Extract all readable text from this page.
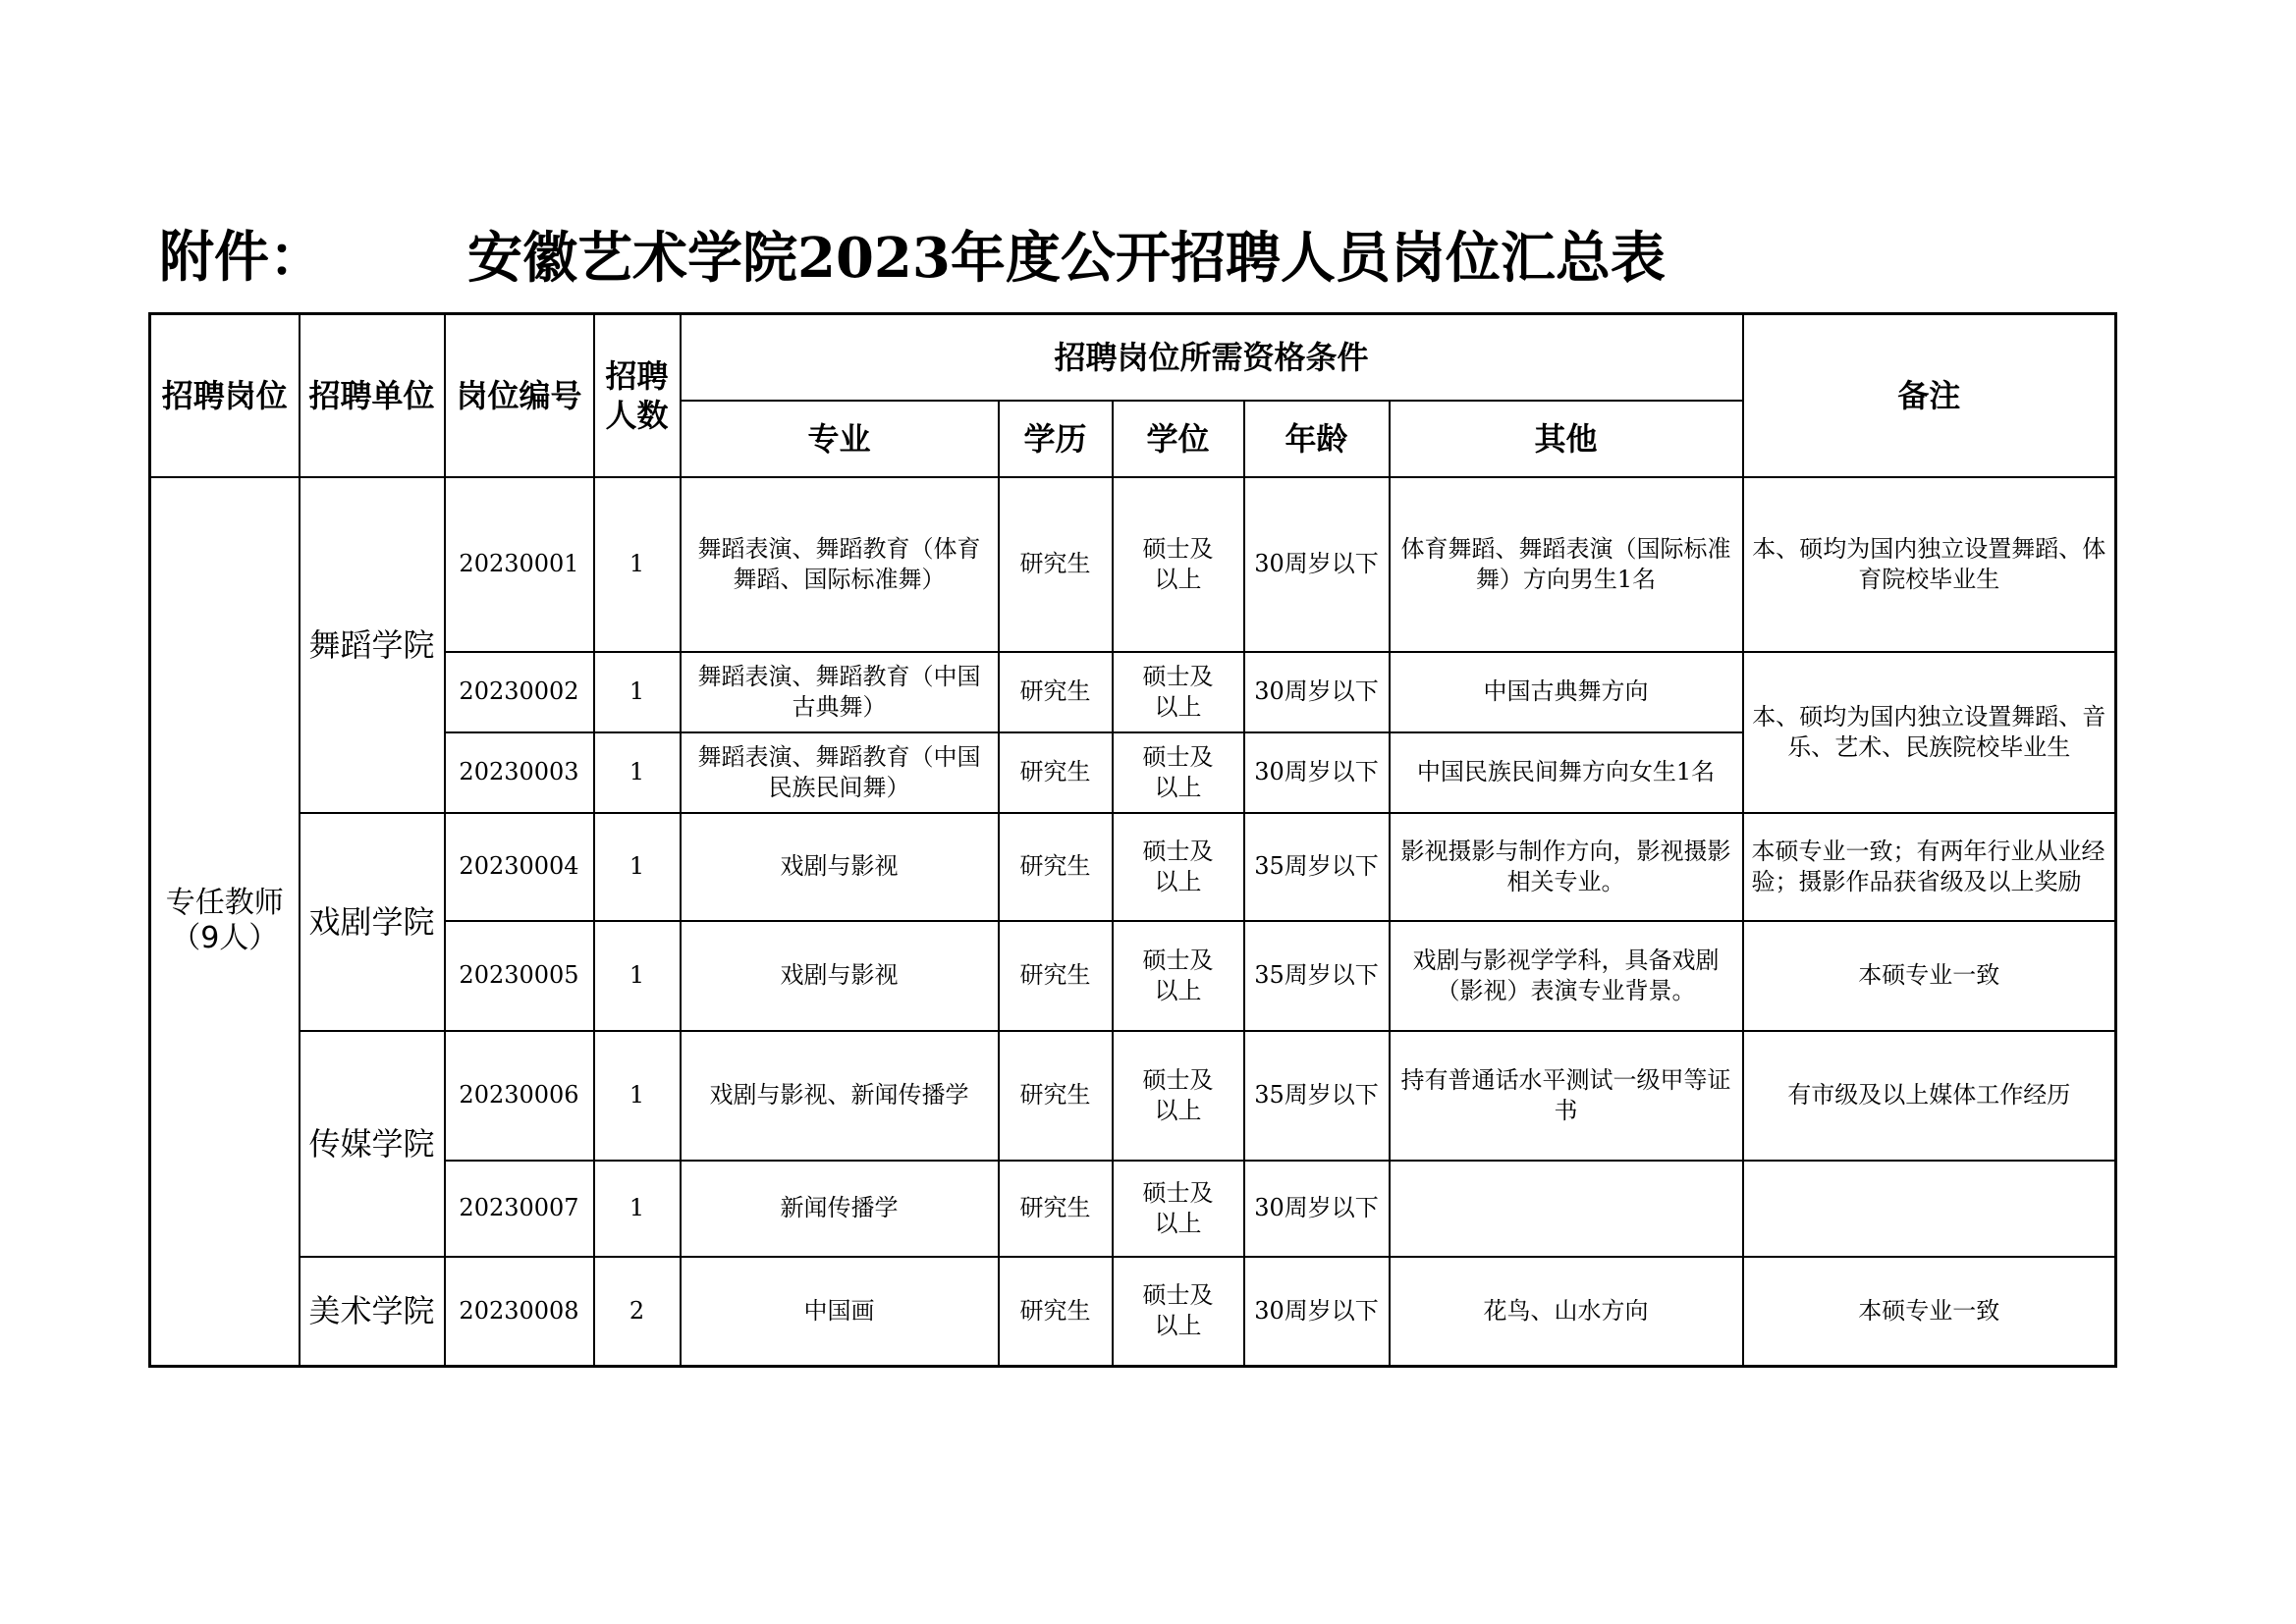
附件：	安徽艺术学院2023年度公开招聘人员岗位汇总表
招聘岗位	招聘单位	岗位编号	招聘人数	招聘岗位所需资格条件					备注
				专业	学历	学位	年龄	其他	
专任教师（9人）	舞蹈学院	20230001	1	舞蹈表演、舞蹈教育（体育舞蹈、国际标准舞）	研究生	硕士及以上	30周岁以下	体育舞蹈、舞蹈表演（国际标准舞）方向男生1名	本、硕均为国内独立设置舞蹈、体育院校毕业生
		20230002	1	舞蹈表演、舞蹈教育（中国古典舞）	研究生	硕士及以上	30周岁以下	中国古典舞方向	本、硕均为国内独立设置舞蹈、音乐、艺术、民族院校毕业生
		20230003	1	舞蹈表演、舞蹈教育（中国民族民间舞）	研究生	硕士及以上	30周岁以下	中国民族民间舞方向女生1名	
	戏剧学院	20230004	1	戏剧与影视	研究生	硕士及以上	35周岁以下	影视摄影与制作方向，影视摄影相关专业。	本硕专业一致；有两年行业从业经验；摄影作品获省级及以上奖励
		20230005	1	戏剧与影视	研究生	硕士及以上	35周岁以下	戏剧与影视学学科，具备戏剧（影视）表演专业背景。	本硕专业一致
	传媒学院	20230006	1	戏剧与影视、新闻传播学	研究生	硕士及以上	35周岁以下	持有普通话水平测试一级甲等证书	有市级及以上媒体工作经历
		20230007	1	新闻传播学	研究生	硕士及以上	30周岁以下		
	美术学院	20230008	2	中国画	研究生	硕士及以上	30周岁以下	花鸟、山水方向	本硕专业一致
